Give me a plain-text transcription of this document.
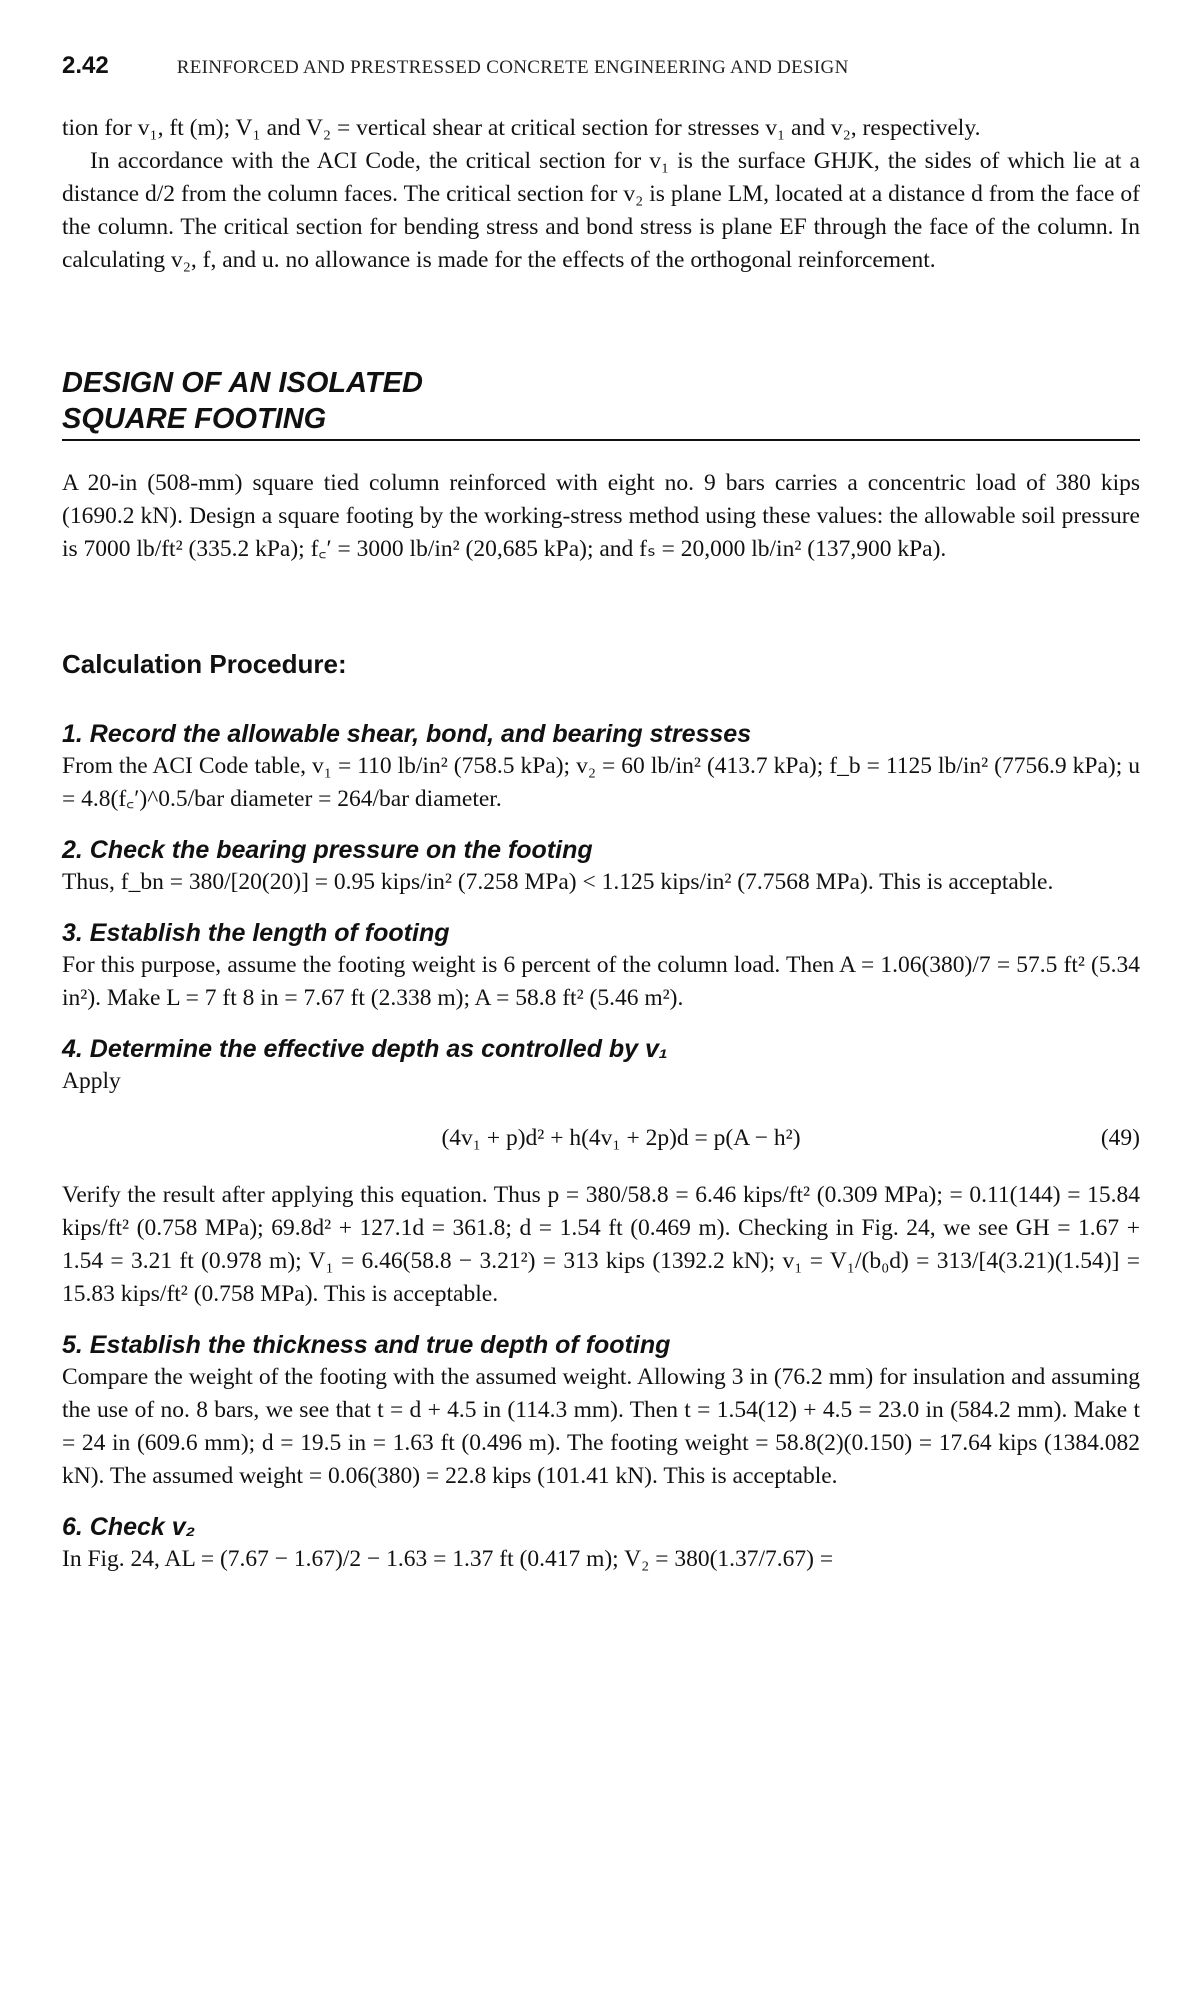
2.42	REINFORCED AND PRESTRESSED CONCRETE ENGINEERING AND DESIGN

tion for v₁, ft (m); V₁ and V₂ = vertical shear at critical section for stresses v₁ and v₂, respectively.

In accordance with the ACI Code, the critical section for v₁ is the surface GHJK, the sides of which lie at a distance d/2 from the column faces. The critical section for v₂ is plane LM, located at a distance d from the face of the column. The critical section for bending stress and bond stress is plane EF through the face of the column. In calculating v₂, f, and u. no allowance is made for the effects of the orthogonal reinforcement.

DESIGN OF AN ISOLATED
SQUARE FOOTING

A 20-in (508-mm) square tied column reinforced with eight no. 9 bars carries a concentric load of 380 kips (1690.2 kN). Design a square footing by the working-stress method using these values: the allowable soil pressure is 7000 lb/ft² (335.2 kPa); f꜀′ = 3000 lb/in² (20,685 kPa); and fₛ = 20,000 lb/in² (137,900 kPa).

Calculation Procedure:
1. Record the allowable shear, bond, and bearing stresses

From the ACI Code table, v₁ = 110 lb/in² (758.5 kPa); v₂ = 60 lb/in² (413.7 kPa); f_b = 1125 lb/in² (7756.9 kPa); u = 4.8(f꜀′)^0.5/bar diameter = 264/bar diameter.

2. Check the bearing pressure on the footing

Thus, f_bn = 380/[20(20)] = 0.95 kips/in² (7.258 MPa) < 1.125 kips/in² (7.7568 MPa). This is acceptable.

3. Establish the length of footing

For this purpose, assume the footing weight is 6 percent of the column load. Then A = 1.06(380)/7 = 57.5 ft² (5.34 in²). Make L = 7 ft 8 in = 7.67 ft (2.338 m); A = 58.8 ft² (5.46 m²).

4. Determine the effective depth as controlled by v₁

Apply

(4v₁ + p)d² + h(4v₁ + 2p)d = p(A − h²)	(49)

Verify the result after applying this equation. Thus p = 380/58.8 = 6.46 kips/ft² (0.309 MPa); = 0.11(144) = 15.84 kips/ft² (0.758 MPa); 69.8d² + 127.1d = 361.8; d = 1.54 ft (0.469 m). Checking in Fig. 24, we see GH = 1.67 + 1.54 = 3.21 ft (0.978 m); V₁ = 6.46(58.8 − 3.21²) = 313 kips (1392.2 kN); v₁ = V₁/(b₀d) = 313/[4(3.21)(1.54)] = 15.83 kips/ft² (0.758 MPa). This is acceptable.

5. Establish the thickness and true depth of footing

Compare the weight of the footing with the assumed weight. Allowing 3 in (76.2 mm) for insulation and assuming the use of no. 8 bars, we see that t = d + 4.5 in (114.3 mm). Then t = 1.54(12) + 4.5 = 23.0 in (584.2 mm). Make t = 24 in (609.6 mm); d = 19.5 in = 1.63 ft (0.496 m). The footing weight = 58.8(2)(0.150) = 17.64 kips (1384.082 kN). The assumed weight = 0.06(380) = 22.8 kips (101.41 kN). This is acceptable.

6. Check v₂

In Fig. 24, AL = (7.67 − 1.67)/2 − 1.63 = 1.37 ft (0.417 m); V₂ = 380(1.37/7.67) =
